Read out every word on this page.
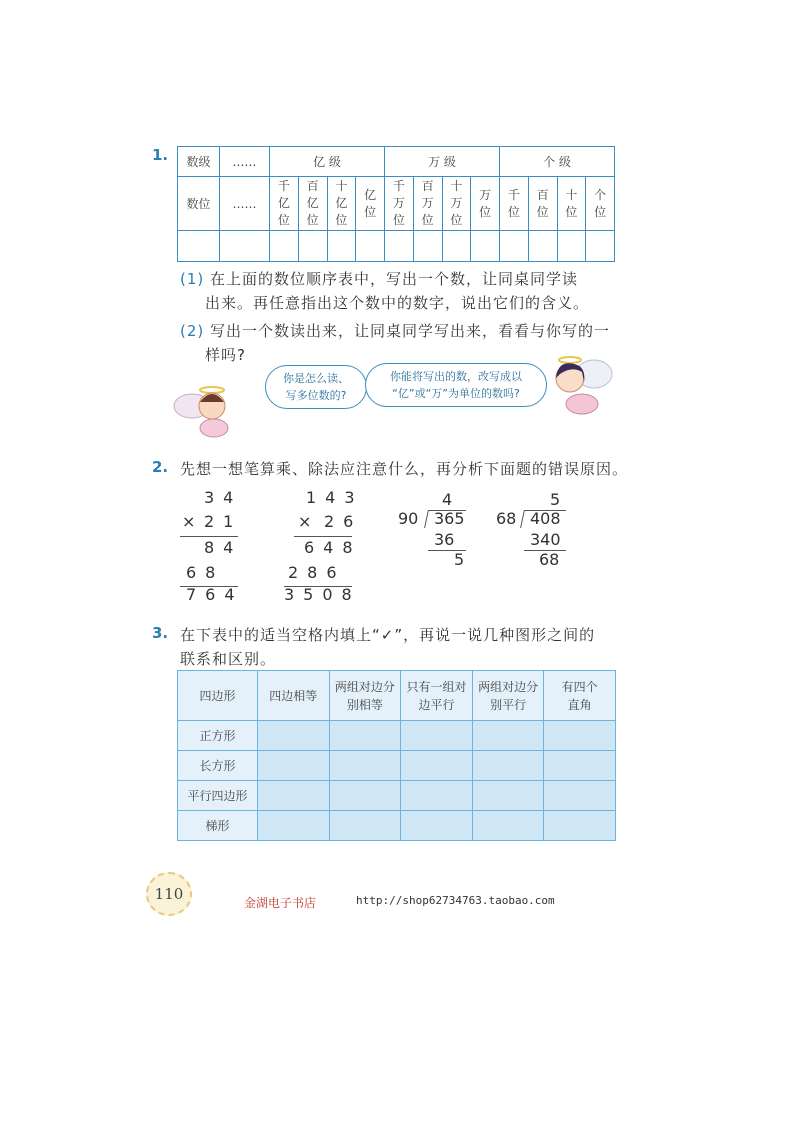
1. 数级	……	亿 级				万 级				个 级			
数位	……	千亿位	百亿位	十亿位	亿位	千万位	百万位	十万位	万位	千位	百位	十位	个位

(1) 在上面的数位顺序表中，写出一个数，让同桌同学读
出来。再任意指出这个数中的数字，说出它们的含义。
(2) 写出一个数读出来，让同桌同学写出来，看看与你写的一
样吗?
你是怎么读、
写多位数的?
你能将写出的数，改写成以
“亿”或“万”为单位的数吗?
2. 先想一想笔算乘、除法应注意什么，再分析下面题的错误原因。
34
× 21
84
68
764
143
× 26
648
286
3508
4
90 365
36
5
5
68 408
340
68
3. 在下表中的适当空格内填上“✓”，再说一说几种图形之间的
联系和区别。
四边形	四边相等	两组对边分别相等	只有一组对边平行	两组对边分别平行	有四个直角

正方形					
长方形					
平行四边形					
梯形					
110	金湖电子书店	http://shop62734763.taobao.com
